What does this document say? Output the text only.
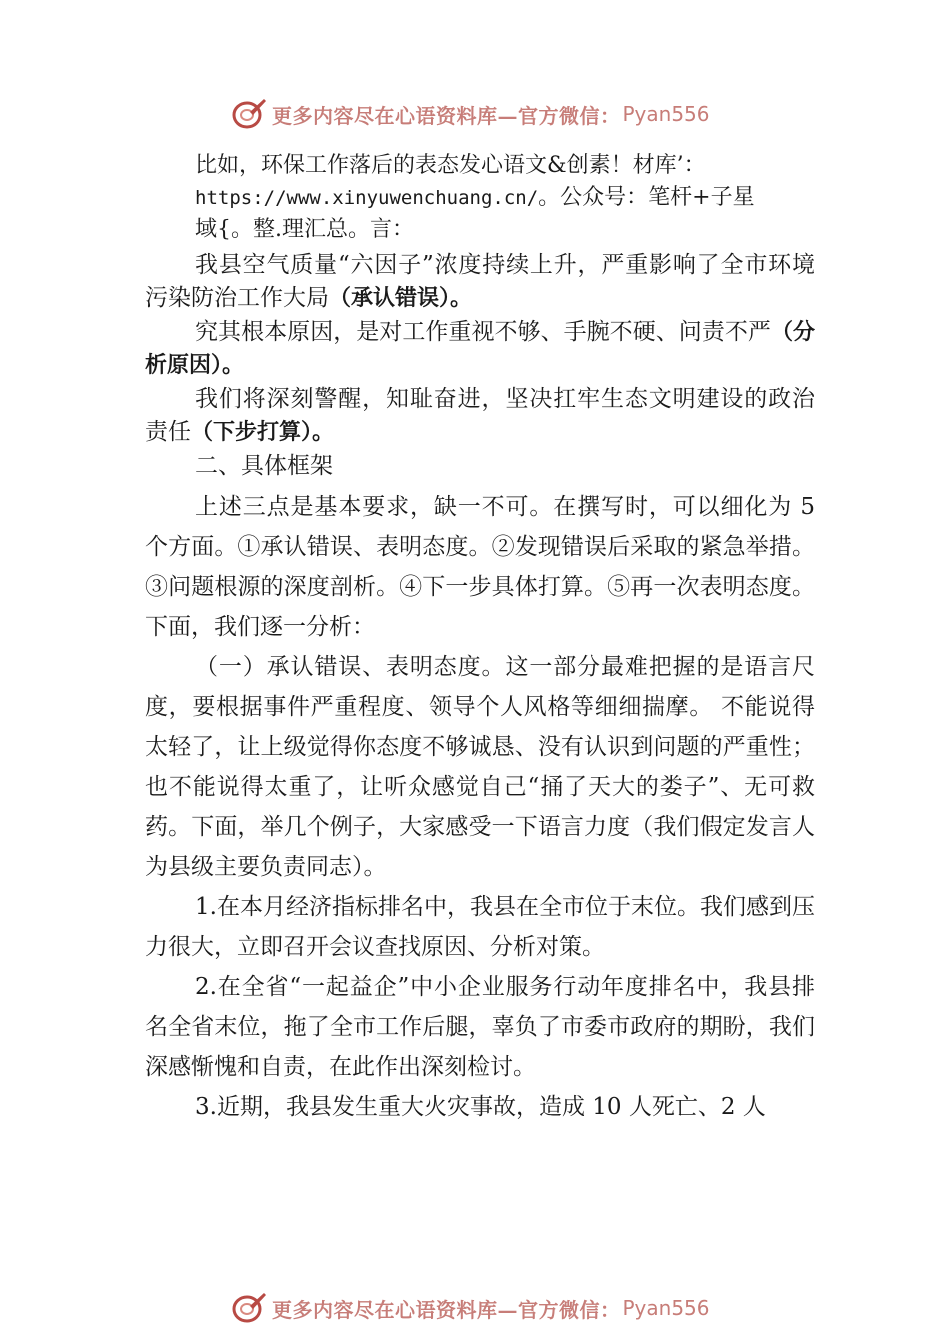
更多内容尽在心语资料库—官方微信： Pyan556

比如，环保工作落后的表态发心语文&创素！材库’：

https://www.xinyuwenchuang.cn/。公众号：笔杆+子星

域{。整.理汇总。言：

我县空气质量“六因子”浓度持续上升，严重影响了全市环境污染防治工作大局（承认错误）。

究其根本原因，是对工作重视不够、手腕不硬、问责不严（分析原因）。

我们将深刻警醒，知耻奋进，坚决扛牢生态文明建设的政治责任（下步打算）。

二、具体框架

上述三点是基本要求，缺一不可。在撰写时，可以细化为 5 个方面。①承认错误、表明态度。②发现错误后采取的紧急举措。③问题根源的深度剖析。④下一步具体打算。⑤再一次表明态度。下面，我们逐一分析：

（一）承认错误、表明态度。这一部分最难把握的是语言尺度，要根据事件严重程度、领导个人风格等细细揣摩。 不能说得太轻了，让上级觉得你态度不够诚恳、没有认识到问题的严重性；也不能说得太重了，让听众感觉自己“捅了天大的娄子”、无可救药。下面，举几个例子，大家感受一下语言力度（我们假定发言人为县级主要负责同志）。

1.在本月经济指标排名中，我县在全市位于末位。我们感到压力很大，立即召开会议查找原因、分析对策。

2.在全省“一起益企”中小企业服务行动年度排名中，我县排名全省末位，拖了全市工作后腿，辜负了市委市政府的期盼，我们深感惭愧和自责，在此作出深刻检讨。

3.近期，我县发生重大火灾事故，造成 10 人死亡、2 人

更多内容尽在心语资料库—官方微信： Pyan556
